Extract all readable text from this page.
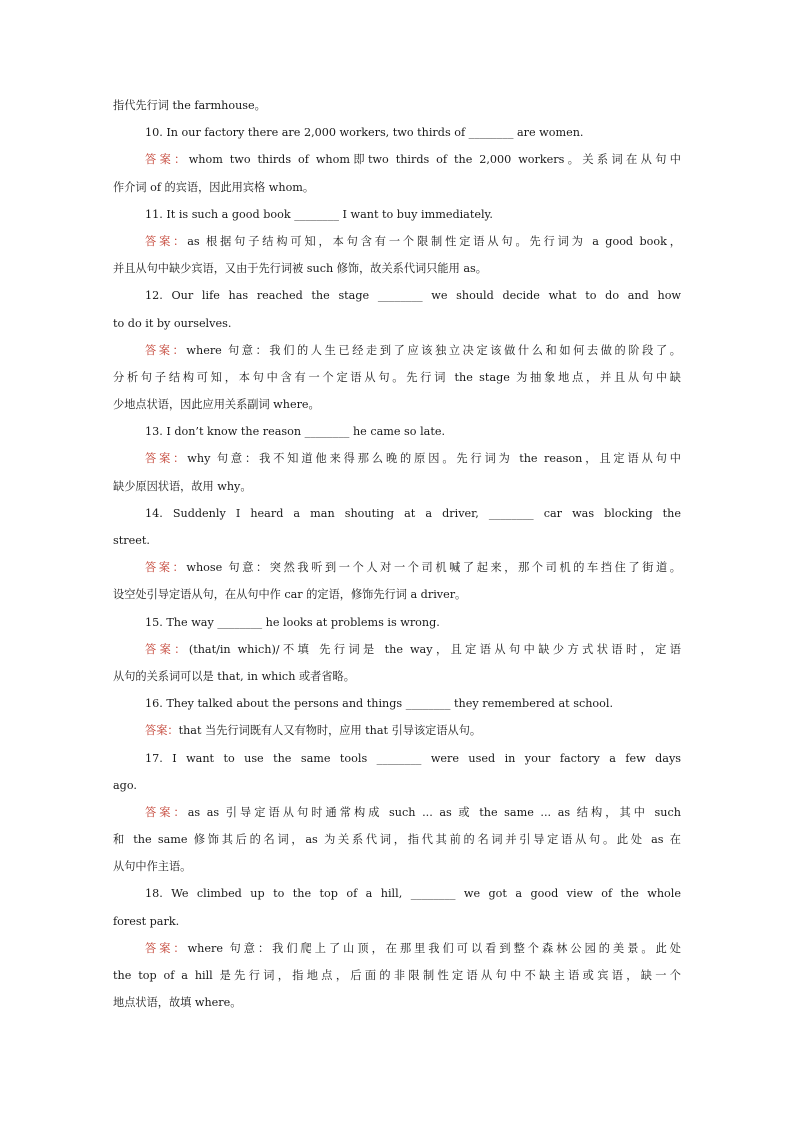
指代先行词 the farmhouse。
10. In our factory there are 2,000 workers, two thirds of ________ are women.
答案：whom two thirds of whom即two thirds of the 2,000 workers。关系词在从句中
作介词 of 的宾语，因此用宾格 whom。
11. It is such a good book ________ I want to buy immediately.
答案：as 根据句子结构可知，本句含有一个限制性定语从句。先行词为 a good book，
并且从句中缺少宾语，又由于先行词被 such 修饰，故关系代词只能用 as。
12. Our life has reached the stage ________ we should decide what to do and how
to do it by ourselves.
答案：where 句意：我们的人生已经走到了应该独立决定该做什么和如何去做的阶段了。
分析句子结构可知，本句中含有一个定语从句。先行词 the stage 为抽象地点，并且从句中缺
少地点状语，因此应用关系副词 where。
13. I don’t know the reason ________ he came so late.
答案：why 句意：我不知道他来得那么晚的原因。先行词为 the reason，且定语从句中
缺少原因状语，故用 why。
14. Suddenly I heard a man shouting at a driver, ________ car was blocking the
street.
答案：whose 句意：突然我听到一个人对一个司机喊了起来，那个司机的车挡住了街道。
设空处引导定语从句，在从句中作 car 的定语，修饰先行词 a driver。
15. The way ________ he looks at problems is wrong.
答案：(that/in which)/不填 先行词是 the way，且定语从句中缺少方式状语时，定语
从句的关系词可以是 that, in which 或者省略。
16. They talked about the persons and things ________ they remembered at school.
答案：that 当先行词既有人又有物时，应用 that 引导该定语从句。
17. I want to use the same tools ________ were used in your factory a few days
ago.
答案：as as 引导定语从句时通常构成 such ... as 或 the same ... as 结构，其中 such
和 the same 修饰其后的名词，as 为关系代词，指代其前的名词并引导定语从句。此处 as 在
从句中作主语。
18. We climbed up to the top of a hill, ________ we got a good view of the whole
forest park.
答案：where 句意：我们爬上了山顶，在那里我们可以看到整个森林公园的美景。此处
the top of a hill 是先行词，指地点，后面的非限制性定语从句中不缺主语或宾语，缺一个
地点状语，故填 where。
